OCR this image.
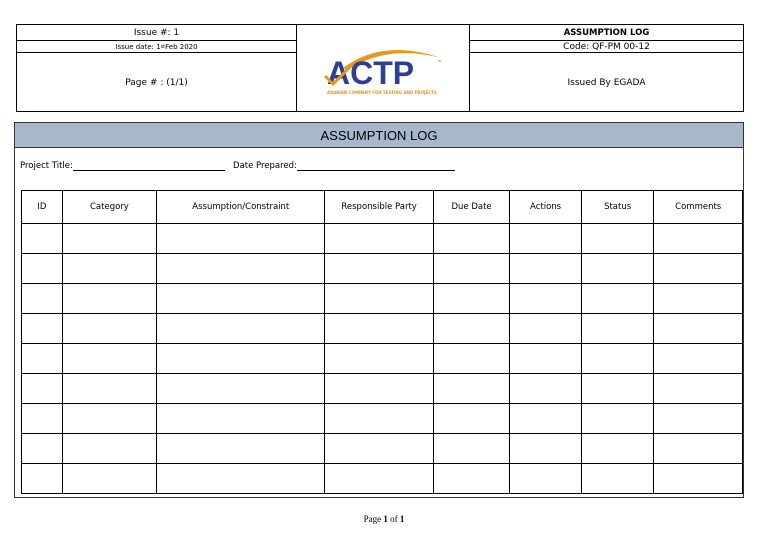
Issue #: 1
Issue date: 1 st Feb 2020
Page # : (1/1)	ACTP	™
ARABIAN COMPANY FOR TESTING AND PROJECTS
ASSUMPTION LOG
Code: QF-PM 00-12
Issued By EGADA
ASSUMPTION LOG
Project Title:	Date Prepared:
ID	Category	Assumption/Constraint	Responsible Party	Due Date	Actions	Status	Comments

Page 1 of 1
